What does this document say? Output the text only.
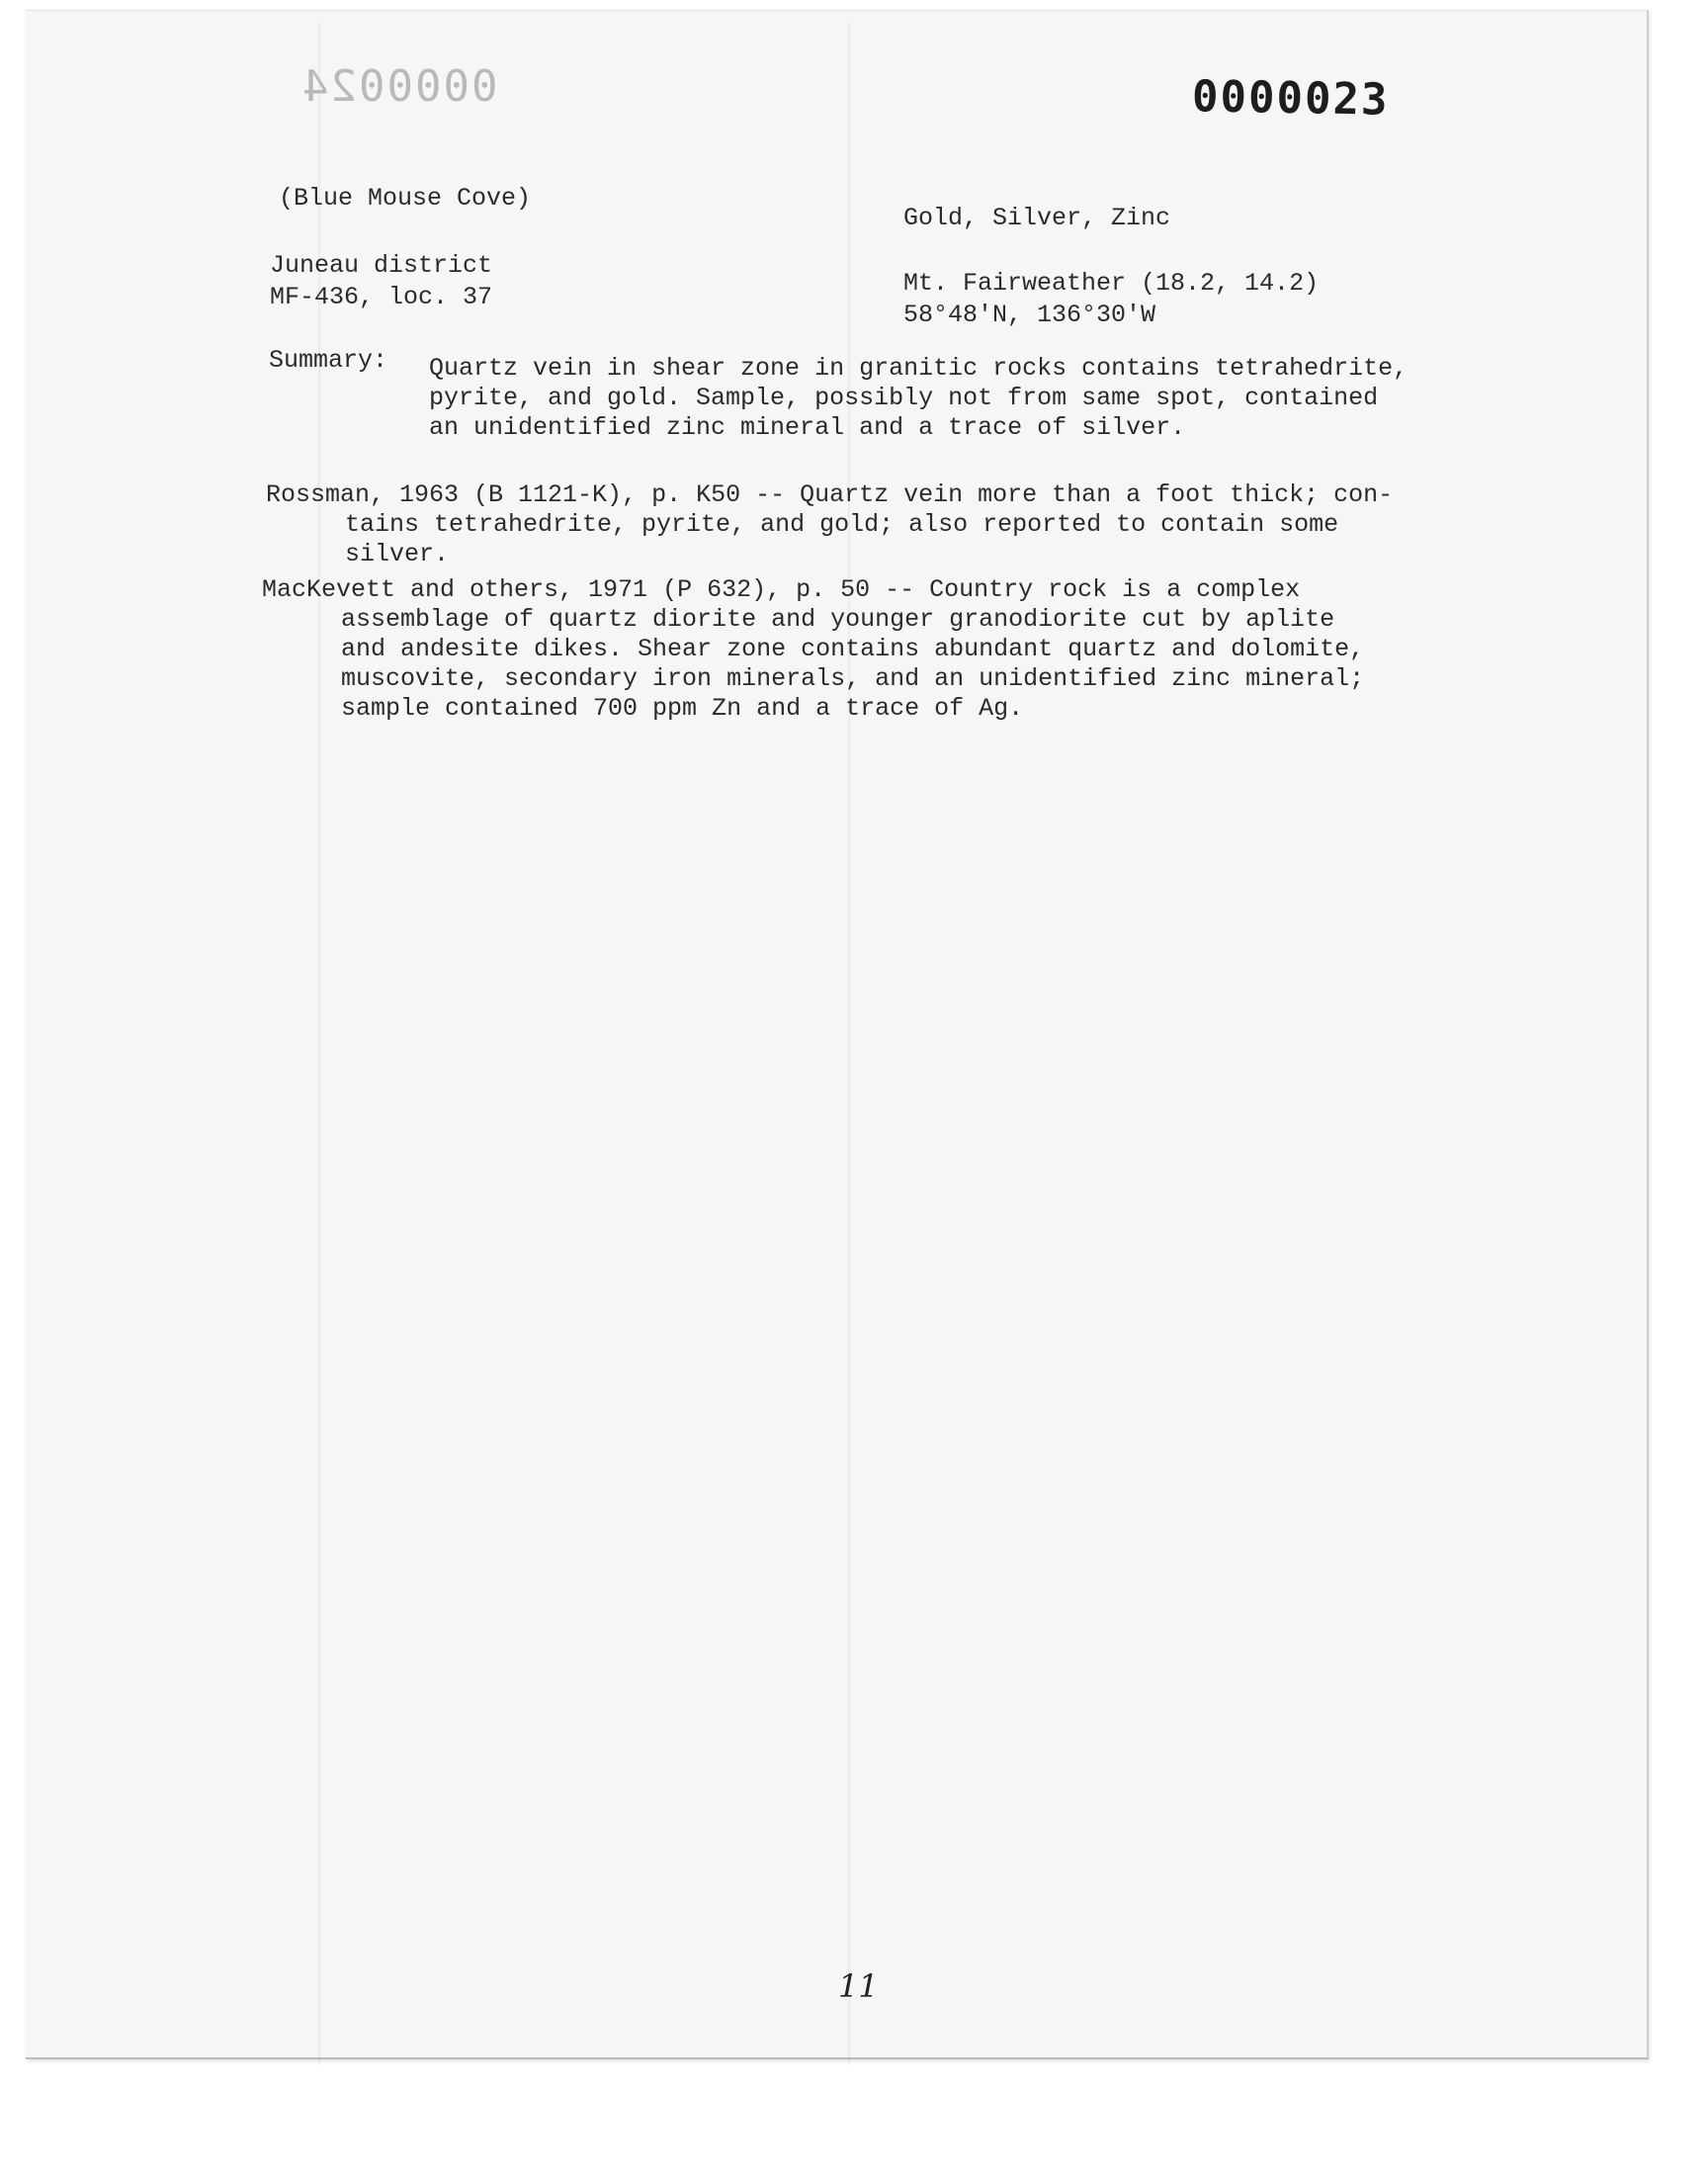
0000024	0000023

(Blue Mouse Cove)

Juneau district

MF-436, loc. 37

Gold, Silver, Zinc

Mt. Fairweather (18.2, 14.2)

58°48'N, 136°30'W

Summary: Quartz vein in shear zone in granitic rocks contains tetrahedrite,
pyrite, and gold. Sample, possibly not from same spot, contained
an unidentified zinc mineral and a trace of silver.
Rossman, 1963 (B 1121-K), p. K50 -- Quartz vein more than a foot thick; con-
tains tetrahedrite, pyrite, and gold; also reported to contain some
silver.
MacKevett and others, 1971 (P 632), p. 50 -- Country rock is a complex
assemblage of quartz diorite and younger granodiorite cut by aplite
and andesite dikes. Shear zone contains abundant quartz and dolomite,
muscovite, secondary iron minerals, and an unidentified zinc mineral;
sample contained 700 ppm Zn and a trace of Ag.
11
